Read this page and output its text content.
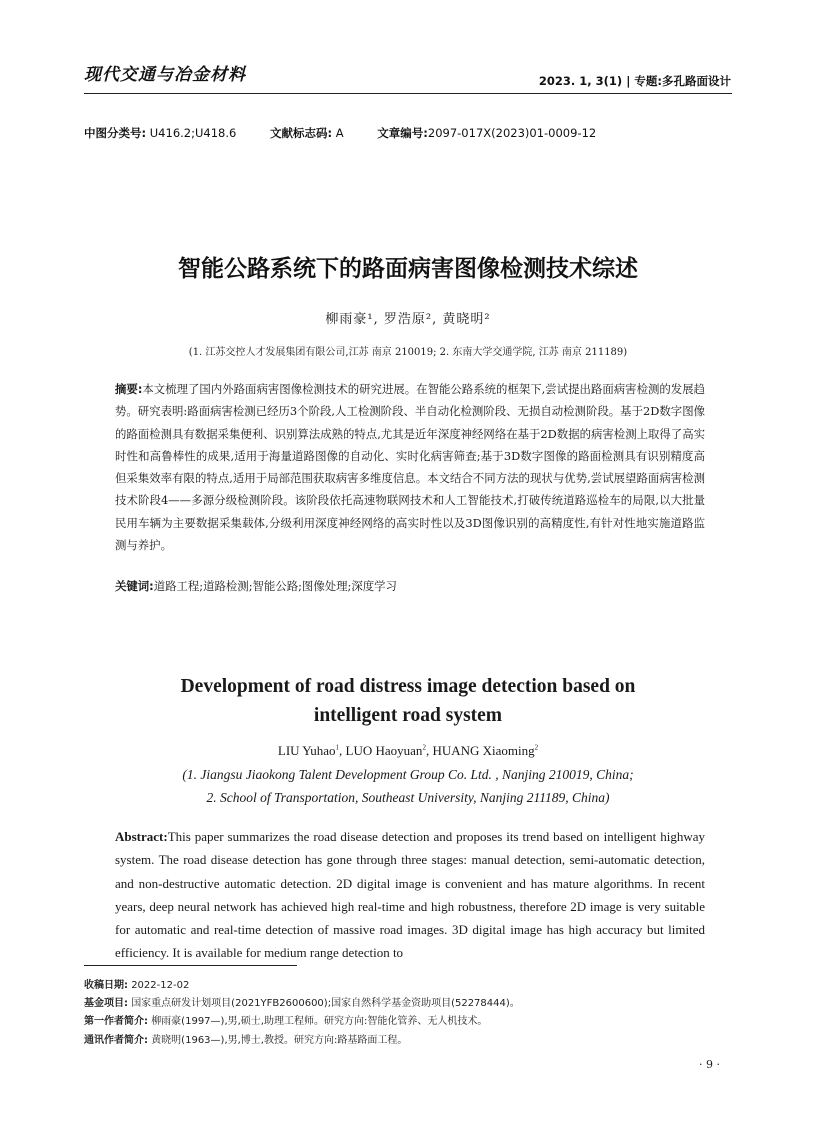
现代交通与冶金材料	2023. 1, 3(1) | 专题:多孔路面设计
中图分类号: U416.2;U418.6	文献标志码: A	文章编号:2097-017X(2023)01-0009-12
智能公路系统下的路面病害图像检测技术综述
柳雨豪¹, 罗浩原², 黄晓明²
(1. 江苏交控人才发展集团有限公司,江苏 南京 210019; 2. 东南大学交通学院, 江苏 南京 211189)
摘要:本文梳理了国内外路面病害图像检测技术的研究进展。在智能公路系统的框架下,尝试提出路面病害检测的发展趋势。研究表明:路面病害检测已经历3个阶段,人工检测阶段、半自动化检测阶段、无损自动检测阶段。基于2D数字图像的路面检测具有数据采集便利、识别算法成熟的特点,尤其是近年深度神经网络在基于2D数据的病害检测上取得了高实时性和高鲁棒性的成果,适用于海量道路图像的自动化、实时化病害筛查;基于3D数字图像的路面检测具有识别精度高但采集效率有限的特点,适用于局部范围获取病害多维度信息。本文结合不同方法的现状与优势,尝试展望路面病害检测技术阶段4——多源分级检测阶段。该阶段依托高速物联网技术和人工智能技术,打破传统道路巡检车的局限,以大批量民用车辆为主要数据采集载体,分级利用深度神经网络的高实时性以及3D图像识别的高精度性,有针对性地实施道路监测与养护。
关键词:道路工程;道路检测;智能公路;图像处理;深度学习
Development of road distress image detection based on
intelligent road system
LIU Yuhao$^1$, LUO Haoyuan$^2$, HUANG Xiaoming$^2$
(1. Jiangsu Jiaokong Talent Development Group Co. Ltd. , Nanjing 210019, China;
2. School of Transportation, Southeast University, Nanjing 211189, China)
Abstract:This paper summarizes the road disease detection and proposes its trend based on intelligent highway system. The road disease detection has gone through three stages: manual detection, semi-automatic detection, and non-destructive automatic detection. 2D digital image is convenient and has mature algorithms. In recent years, deep neural network has achieved high real-time and high robustness, therefore 2D image is very suitable for automatic and real-time detection of massive road images. 3D digital image has high accuracy but limited efficiency. It is available for medium range detection to
收稿日期: 2022-12-02
基金项目: 国家重点研发计划项目(2021YFB2600600);国家自然科学基金资助项目(52278444)。
第一作者简介: 柳雨豪(1997—),男,硕士,助理工程师。研究方向:智能化管养、无人机技术。
通讯作者简介: 黄晓明(1963—),男,博士,教授。研究方向:路基路面工程。
· 9 ·
